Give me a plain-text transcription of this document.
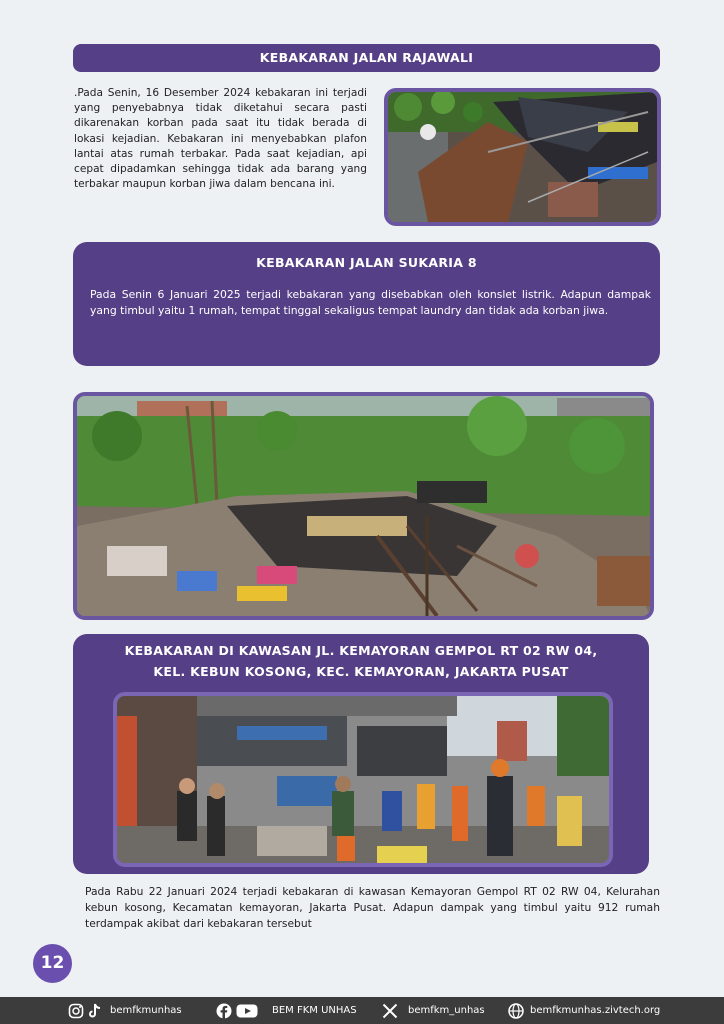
KEBAKARAN JALAN RAJAWALI

.Pada Senin, 16 Desember 2024 kebakaran ini terjadi yang penyebabnya tidak diketahui secara pasti dikarenakan korban pada saat itu tidak berada di lokasi kejadian. Kebakaran ini menyebabkan plafon lantai atas rumah terbakar. Pada saat kejadian, api cepat dipadamkan sehingga tidak ada barang yang terbakar maupun korban jiwa dalam bencana ini.

KEBAKARAN JALAN SUKARIA 8

Pada Senin 6 Januari 2025 terjadi kebakaran yang disebabkan oleh konslet listrik. Adapun dampak yang timbul yaitu 1 rumah, tempat tinggal sekaligus tempat laundry dan tidak ada korban jiwa.

KEBAKARAN DI KAWASAN JL. KEMAYORAN GEMPOL RT 02 RW 04,
KEL. KEBUN KOSONG, KEC. KEMAYORAN, JAKARTA PUSAT

Pada Rabu 22 Januari 2024 terjadi kebakaran di kawasan Kemayoran Gempol RT 02 RW 04, Kelurahan kebun kosong, Kecamatan kemayoran, Jakarta Pusat. Adapun dampak yang timbul yaitu 912 rumah terdampak akibat dari kebakaran tersebut

12
bemfkmunhas	BEM FKM UNHAS	bemfkm_unhas	bemfkmunhas.zivtech.org
